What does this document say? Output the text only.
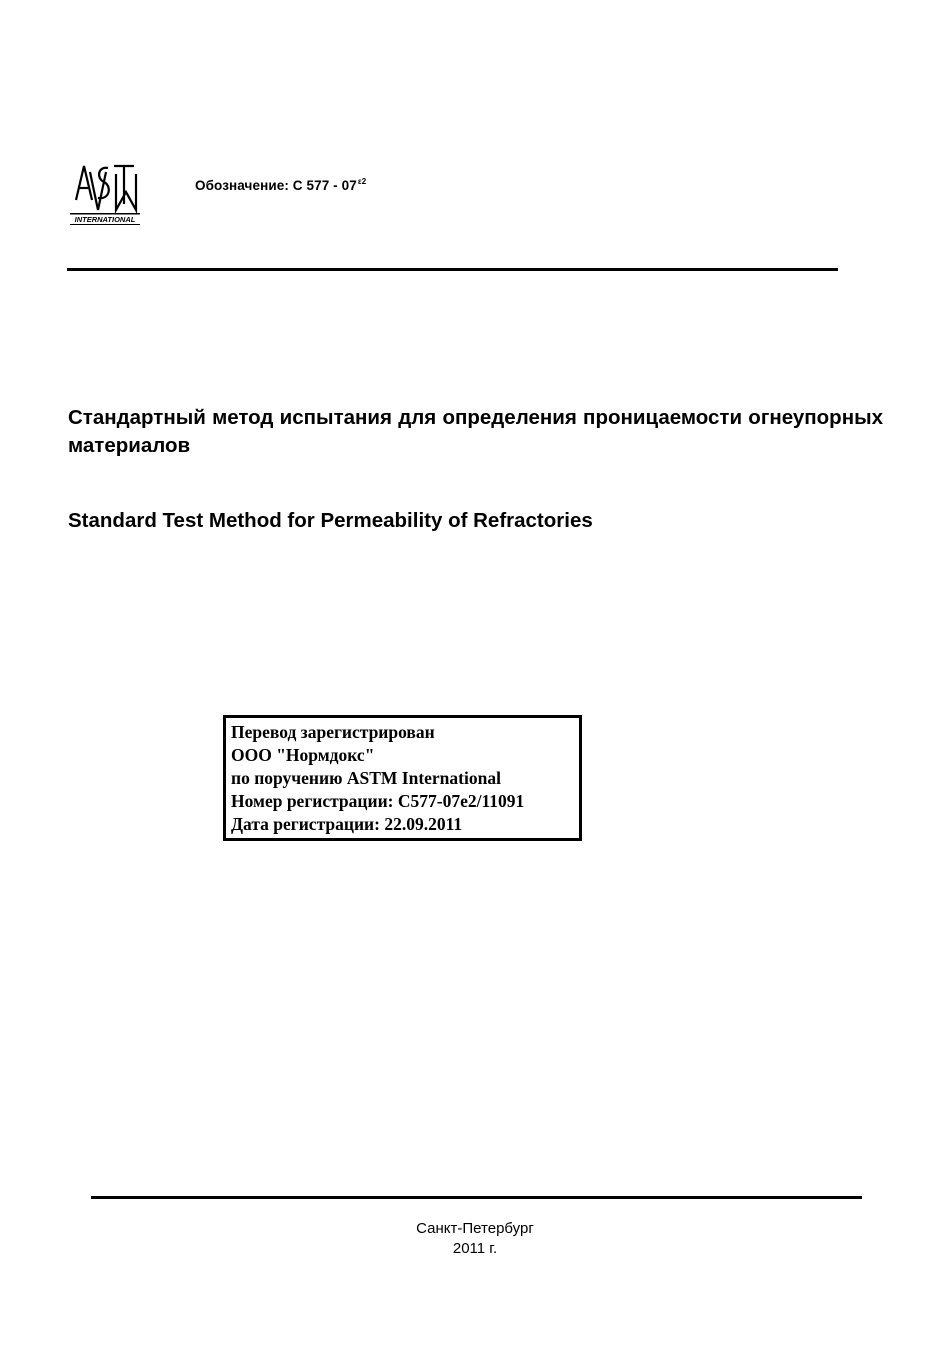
INTERNATIONAL
Обозначение: С $577 - 07^{\varepsilon 2}$
Стандартный метод испытания для определения проницаемости огнеупорных материалов
Standard Test Method for Permeability of Refractories
Перевод зарегистрирован
ООО "Нормдокс"
по поручению ASTM International
Номер регистрации: C577-07e2/11091
Дата регистрации: 22.09.2011
Санкт-Петербург
2011 г.
